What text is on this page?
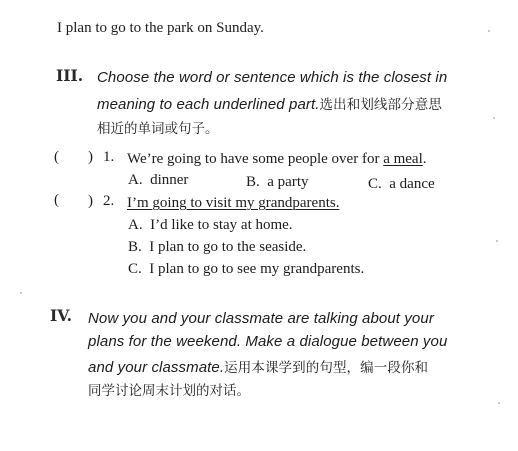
I plan to go to the park on Sunday.
III. Choose the word or sentence which is the closest in
meaning to each underlined part.选出和划线部分意思
相近的单词或句子。
( ) 1. We’re going to have some people over for a meal.
A. dinner	B. a party	C. a dance
( ) 2. I’m going to visit my grandparents.
A. I’d like to stay at home.
B. I plan to go to the seaside.
C. I plan to go to see my grandparents.
IV. Now you and your classmate are talking about your
plans for the weekend. Make a dialogue between you
and your classmate.运用本课学到的句型，编一段你和
同学讨论周末计划的对话。
